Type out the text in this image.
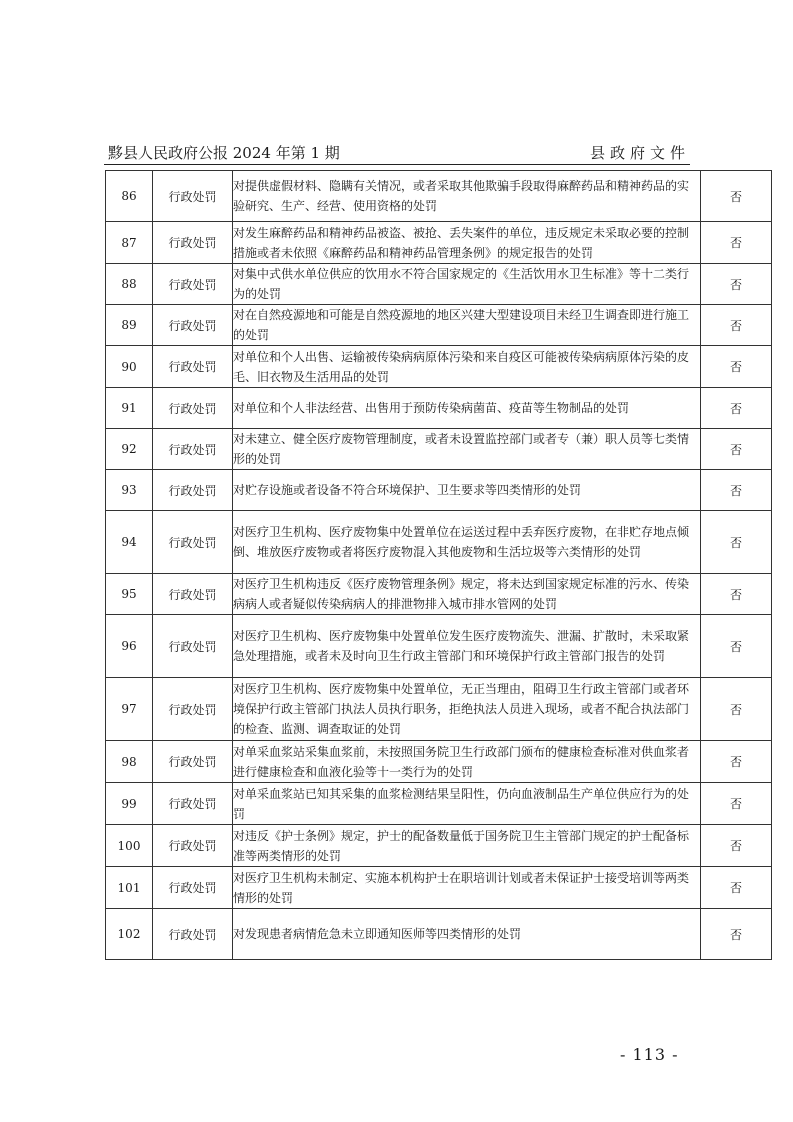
黟县人民政府公报 2024 年第 1 期	县政府文件
86	行政处罚	对提供虚假材料、隐瞒有关情况，或者采取其他欺骗手段取得麻醉药品和精神药品的实验研究、生产、经营、使用资格的处罚	否
87	行政处罚	对发生麻醉药品和精神药品被盗、被抢、丢失案件的单位，违反规定未采取必要的控制措施或者未依照《麻醉药品和精神药品管理条例》的规定报告的处罚	否
88	行政处罚	对集中式供水单位供应的饮用水不符合国家规定的《生活饮用水卫生标准》等十二类行为的处罚	否
89	行政处罚	对在自然疫源地和可能是自然疫源地的地区兴建大型建设项目未经卫生调查即进行施工的处罚	否
90	行政处罚	对单位和个人出售、运输被传染病病原体污染和来自疫区可能被传染病病原体污染的皮毛、旧衣物及生活用品的处罚	否
91	行政处罚	对单位和个人非法经营、出售用于预防传染病菌苗、疫苗等生物制品的处罚	否
92	行政处罚	对未建立、健全医疗废物管理制度，或者未设置监控部门或者专（兼）职人员等七类情形的处罚	否
93	行政处罚	对贮存设施或者设备不符合环境保护、卫生要求等四类情形的处罚	否
94	行政处罚	对医疗卫生机构、医疗废物集中处置单位在运送过程中丢弃医疗废物，在非贮存地点倾倒、堆放医疗废物或者将医疗废物混入其他废物和生活垃圾等六类情形的处罚	否
95	行政处罚	对医疗卫生机构违反《医疗废物管理条例》规定，将未达到国家规定标准的污水、传染病病人或者疑似传染病病人的排泄物排入城市排水管网的处罚	否
96	行政处罚	对医疗卫生机构、医疗废物集中处置单位发生医疗废物流失、泄漏、扩散时，未采取紧急处理措施，或者未及时向卫生行政主管部门和环境保护行政主管部门报告的处罚	否
97	行政处罚	对医疗卫生机构、医疗废物集中处置单位，无正当理由，阻碍卫生行政主管部门或者环境保护行政主管部门执法人员执行职务，拒绝执法人员进入现场，或者不配合执法部门的检查、监测、调查取证的处罚	否
98	行政处罚	对单采血浆站采集血浆前，未按照国务院卫生行政部门颁布的健康检查标准对供血浆者进行健康检查和血液化验等十一类行为的处罚	否
99	行政处罚	对单采血浆站已知其采集的血浆检测结果呈阳性，仍向血液制品生产单位供应行为的处罚	否
100	行政处罚	对违反《护士条例》规定，护士的配备数量低于国务院卫生主管部门规定的护士配备标准等两类情形的处罚	否
101	行政处罚	对医疗卫生机构未制定、实施本机构护士在职培训计划或者未保证护士接受培训等两类情形的处罚	否
102	行政处罚	对发现患者病情危急未立即通知医师等四类情形的处罚	否
- 113 -
